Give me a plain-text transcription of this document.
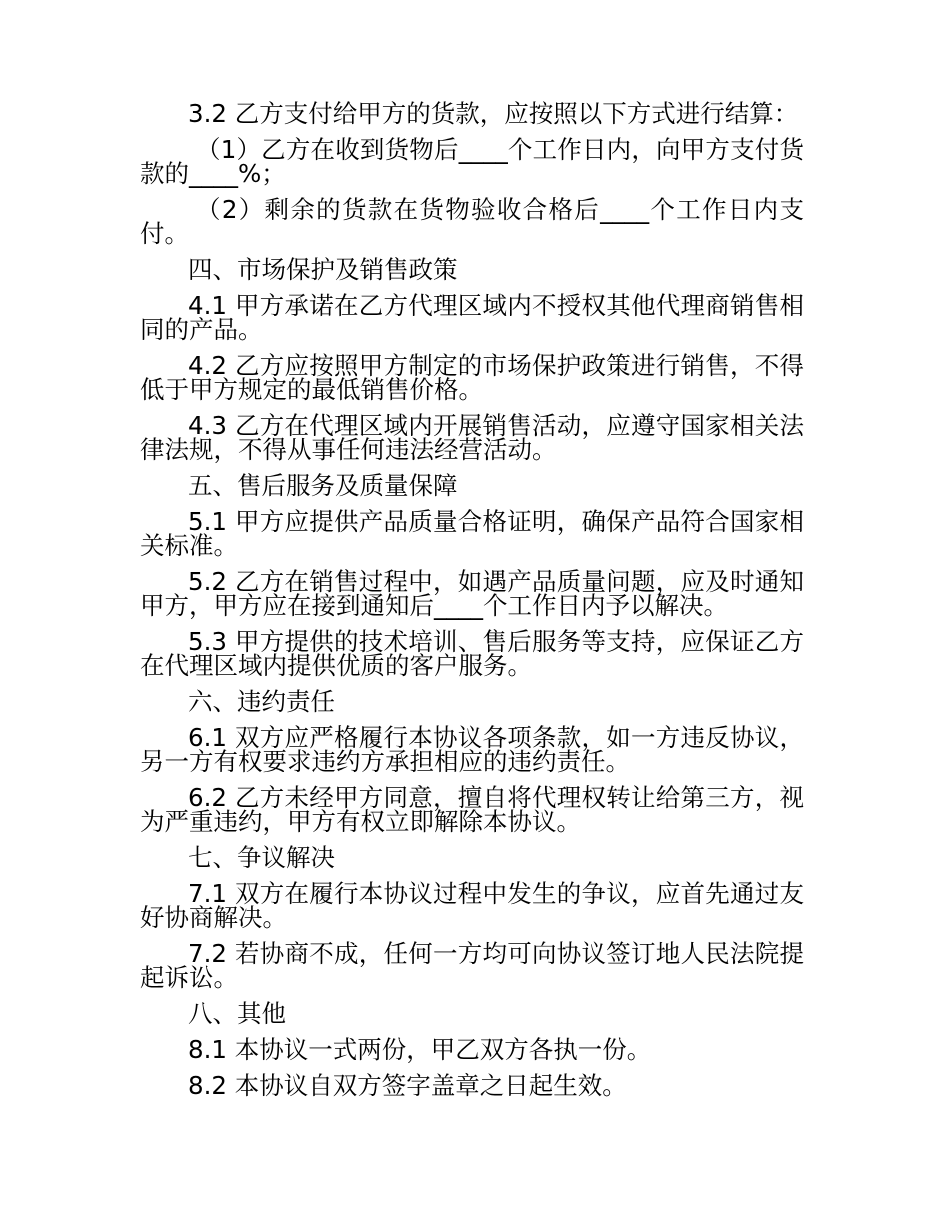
3.2 乙方支付给甲方的货款，应按照以下方式进行结算：

（1）乙方在收到货物后____个工作日内，向甲方支付货款的____%；

（2）剩余的货款在货物验收合格后____个工作日内支付。

四、市场保护及销售政策

4.1 甲方承诺在乙方代理区域内不授权其他代理商销售相同的产品。

4.2 乙方应按照甲方制定的市场保护政策进行销售，不得低于甲方规定的最低销售价格。

4.3 乙方在代理区域内开展销售活动，应遵守国家相关法律法规，不得从事任何违法经营活动。

五、售后服务及质量保障

5.1 甲方应提供产品质量合格证明，确保产品符合国家相关标准。

5.2 乙方在销售过程中，如遇产品质量问题，应及时通知甲方，甲方应在接到通知后____个工作日内予以解决。

5.3 甲方提供的技术培训、售后服务等支持，应保证乙方在代理区域内提供优质的客户服务。

六、违约责任

6.1 双方应严格履行本协议各项条款，如一方违反协议，另一方有权要求违约方承担相应的违约责任。

6.2 乙方未经甲方同意，擅自将代理权转让给第三方，视为严重违约，甲方有权立即解除本协议。

七、争议解决

7.1 双方在履行本协议过程中发生的争议，应首先通过友好协商解决。

7.2 若协商不成，任何一方均可向协议签订地人民法院提起诉讼。

八、其他

8.1 本协议一式两份，甲乙双方各执一份。

8.2 本协议自双方签字盖章之日起生效。
